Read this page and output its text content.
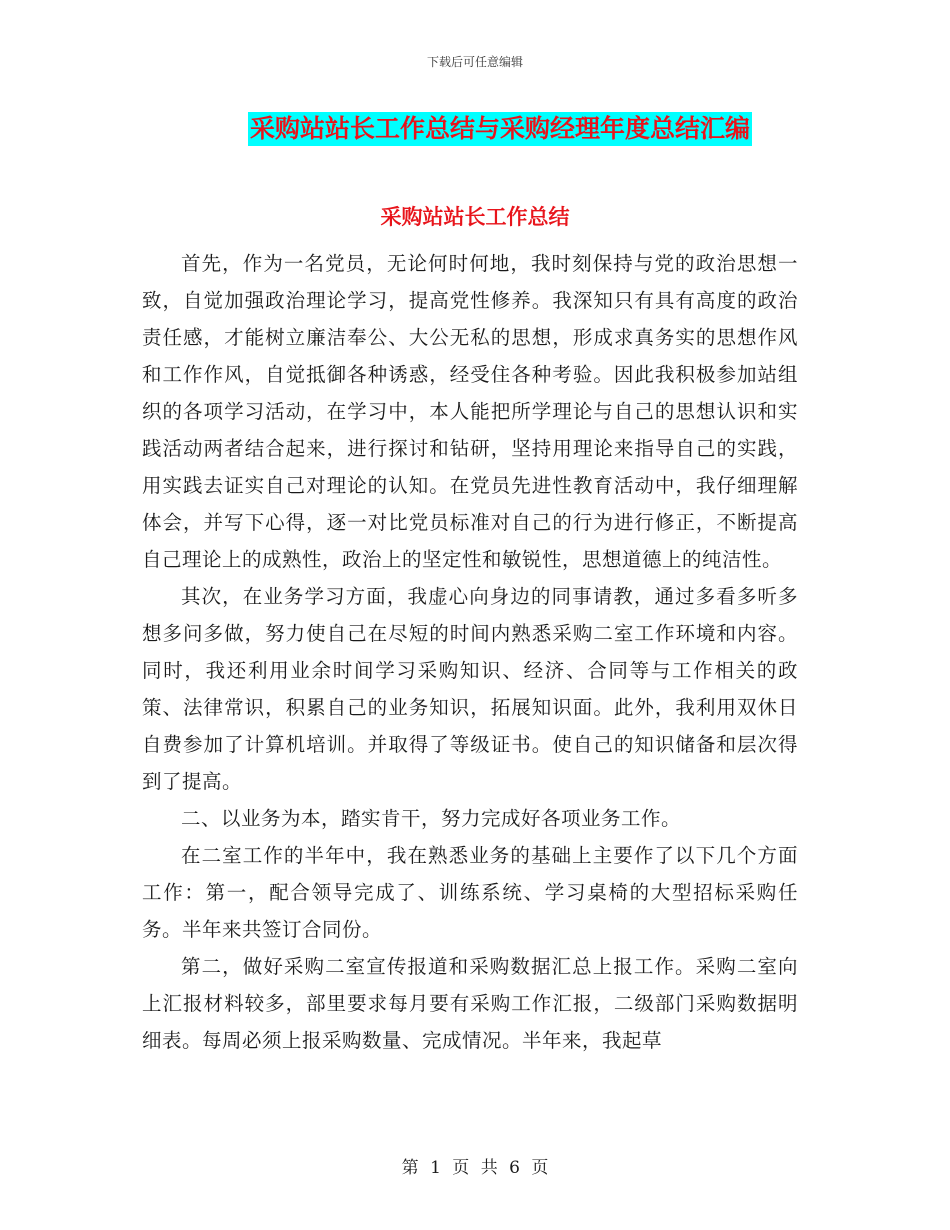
下载后可任意编辑
采购站站长工作总结与采购经理年度总结汇编
采购站站长工作总结

首先，作为一名党员，无论何时何地，我时刻保持与党的政治思想一致，自觉加强政治理论学习，提高党性修养。我深知只有具有高度的政治责任感，才能树立廉洁奉公、大公无私的思想，形成求真务实的思想作风和工作作风，自觉抵御各种诱惑，经受住各种考验。因此我积极参加站组织的各项学习活动，在学习中，本人能把所学理论与自己的思想认识和实践活动两者结合起来，进行探讨和钻研，坚持用理论来指导自己的实践，用实践去证实自己对理论的认知。在党员先进性教育活动中，我仔细理解体会，并写下心得，逐一对比党员标准对自己的行为进行修正，不断提高自己理论上的成熟性，政治上的坚定性和敏锐性，思想道德上的纯洁性。

其次，在业务学习方面，我虚心向身边的同事请教，通过多看多听多想多问多做，努力使自己在尽短的时间内熟悉采购二室工作环境和内容。同时，我还利用业余时间学习采购知识、经济、合同等与工作相关的政策、法律常识，积累自己的业务知识，拓展知识面。此外，我利用双休日自费参加了计算机培训。并取得了等级证书。使自己的知识储备和层次得到了提高。

二、以业务为本，踏实肯干，努力完成好各项业务工作。

在二室工作的半年中，我在熟悉业务的基础上主要作了以下几个方面工作：第一，配合领导完成了、训练系统、学习桌椅的大型招标采购任务。半年来共签订合同份。

第二，做好采购二室宣传报道和采购数据汇总上报工作。采购二室向上汇报材料较多，部里要求每月要有采购工作汇报，二级部门采购数据明细表。每周必须上报采购数量、完成情况。半年来，我起草

第 1 页 共 6 页
